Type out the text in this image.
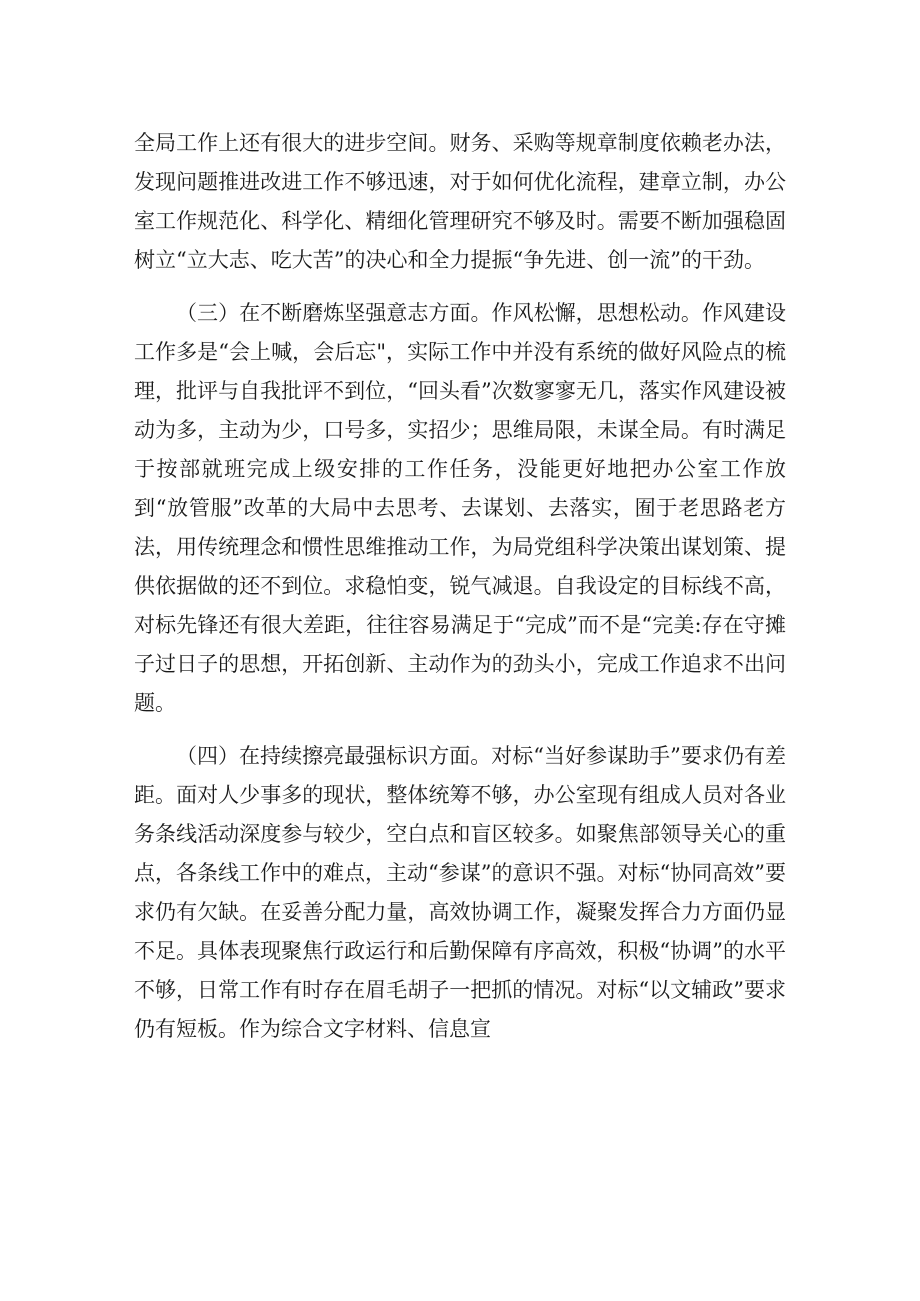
全局工作上还有很大的进步空间。财务、采购等规章制度依赖老办法，发现问题推进改进工作不够迅速，对于如何优化流程，建章立制，办公室工作规范化、科学化、精细化管理研究不够及时。需要不断加强稳固树立“立大志、吃大苦”的决心和全力提振“争先进、创一流”的干劲。

（三）在不断磨炼坚强意志方面。作风松懈，思想松动。作风建设工作多是“会上喊，会后忘"，实际工作中并没有系统的做好风险点的梳理，批评与自我批评不到位，“回头看”次数寥寥无几，落实作风建设被动为多，主动为少，口号多，实招少；思维局限，未谋全局。有时满足于按部就班完成上级安排的工作任务，没能更好地把办公室工作放到“放管服”改革的大局中去思考、去谋划、去落实，囿于老思路老方法，用传统理念和惯性思维推动工作，为局党组科学决策出谋划策、提供依据做的还不到位。求稳怕变，锐气减退。自我设定的目标线不高，对标先锋还有很大差距，往往容易满足于“完成”而不是“完美:存在守摊子过日子的思想，开拓创新、主动作为的劲头小，完成工作追求不出问题。

（四）在持续擦亮最强标识方面。对标“当好参谋助手”要求仍有差距。面对人少事多的现状，整体统筹不够，办公室现有组成人员对各业务条线活动深度参与较少，空白点和盲区较多。如聚焦部领导关心的重点，各条线工作中的难点，主动“参谋”的意识不强。对标“协同高效”要求仍有欠缺。在妥善分配力量，高效协调工作，凝聚发挥合力方面仍显不足。具体表现聚焦行政运行和后勤保障有序高效，积极“协调”的水平不够，日常工作有时存在眉毛胡子一把抓的情况。对标“以文辅政”要求仍有短板。作为综合文字材料、信息宣
